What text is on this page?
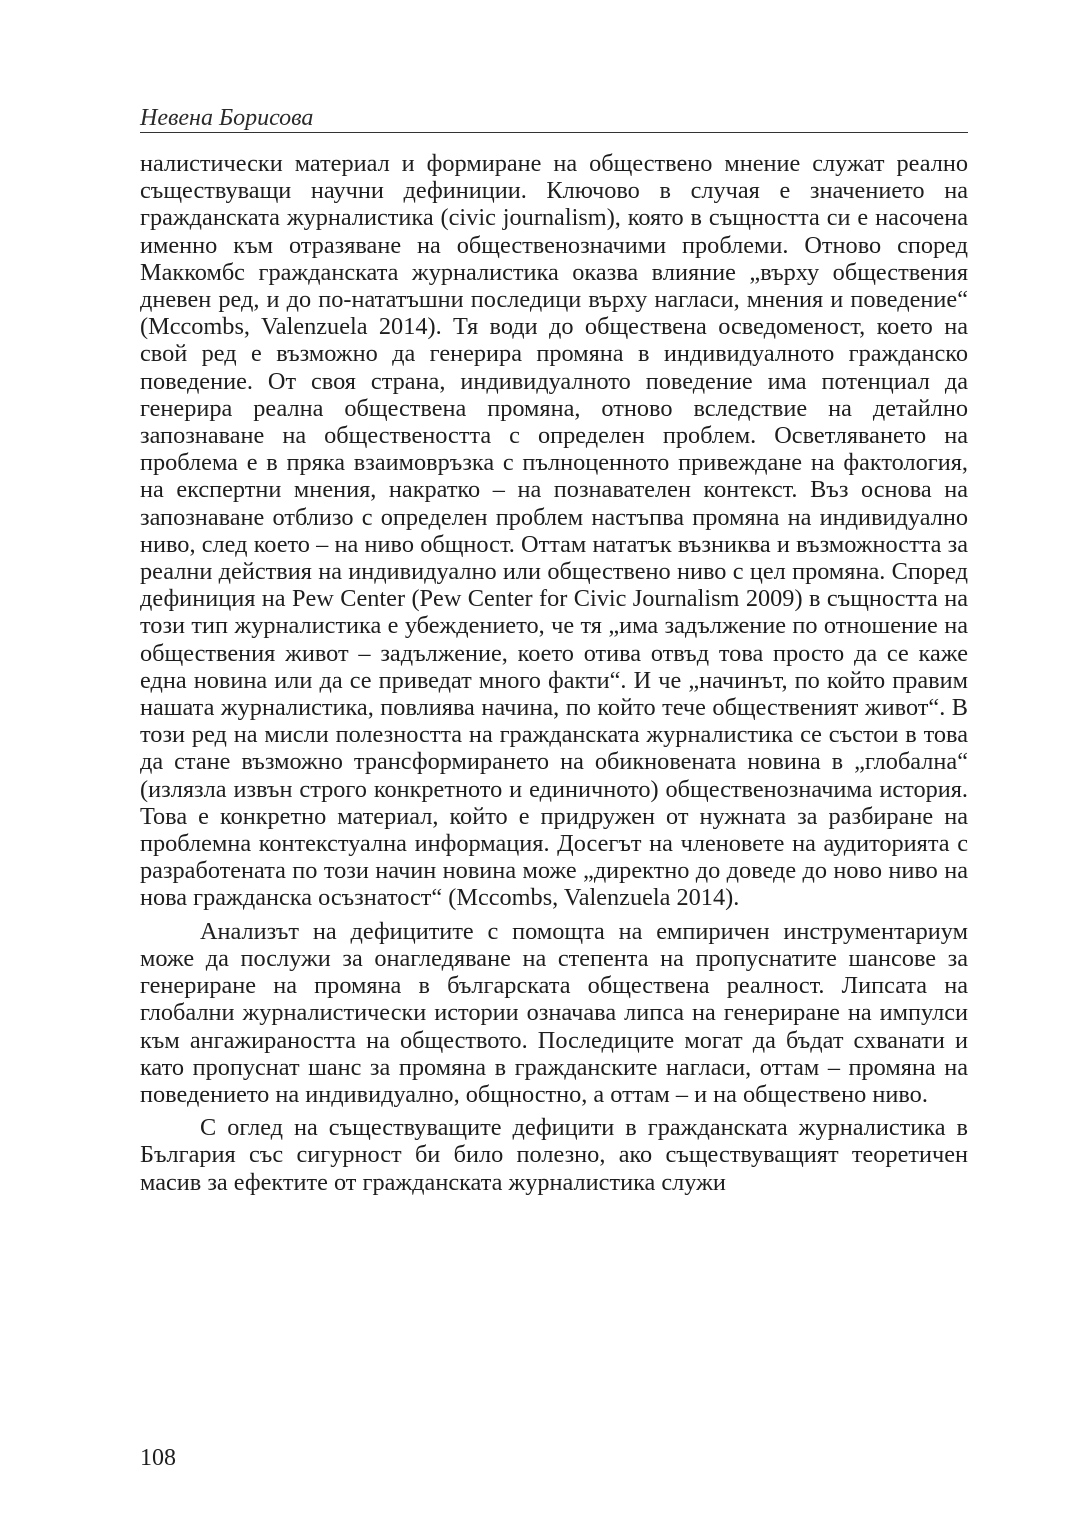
Невена Борисова

налистически материал и формиране на обществено мнение служат реално съществуващи научни дефиниции. Ключово в случая е значението на гражданската журналистика (civic journalism), която в същността си е насочена именно към отразяване на общественозначими проблеми. Отново според Маккомбс гражданската журналистика оказва влияние „върху обществения дневен ред, и до по-нататъшни последици върху нагласи, мнения и поведение“ (Mccombs, Valenzuela 2014). Тя води до обществена осведоменост, което на свой ред е възможно да генерира промяна в индивидуалното гражданско поведение. От своя страна, индивидуалното поведение има потенциал да генерира реална обществена промяна, отново вследствие на детайлно запознаване на обществеността с определен проблем. Осветляването на проблема е в пряка взаимовръзка с пълноценното привеждане на фактология, на експертни мнения, накратко – на познавателен контекст. Въз основа на запознаване отблизо с определен проблем настъпва промяна на индивидуално ниво, след което – на ниво общност. Оттам нататък възниква и възможността за реални действия на индивидуално или обществено ниво с цел промяна. Според дефиниция на Pew Center (Pew Center for Civic Journalism 2009) в същността на този тип журналистика е убеждението, че тя „има задължение по отношение на обществения живот – задължение, което отива отвъд това просто да се каже една новина или да се приведат много факти“. И че „начинът, по който правим нашата журналистика, повлиява начина, по който тече общественият живот“. В този ред на мисли полезността на гражданската журналистика се състои в това да стане възможно трансформирането на обикновената новина в „глобална“ (излязла извън строго конкретното и единичното) общественозначима история. Това е конкретно материал, който е придружен от нужната за разбиране на проблемна контекстуална информация. Досегът на членовете на аудиторията с разработената по този начин новина може „директно до доведе до ново ниво на нова гражданска осъзнатост“ (Mccombs, Valenzuela 2014).

Анализът на дефицитите с помощта на емпиричен инструментариум може да послужи за онагледяване на степента на пропуснатите шансове за генериране на промяна в българската обществена реалност. Липсата на глобални журналистически истории означава липса на генериране на импулси към ангажираността на обществото. Последиците могат да бъдат схванати и като пропуснат шанс за промяна в гражданските нагласи, оттам – промяна на поведението на индивидуално, общностно, а оттам – и на обществено ниво.

С оглед на съществуващите дефицити в гражданската журналистика в България със сигурност би било полезно, ако съществуващият теоретичен масив за ефектите от гражданската журналистика служи

108
